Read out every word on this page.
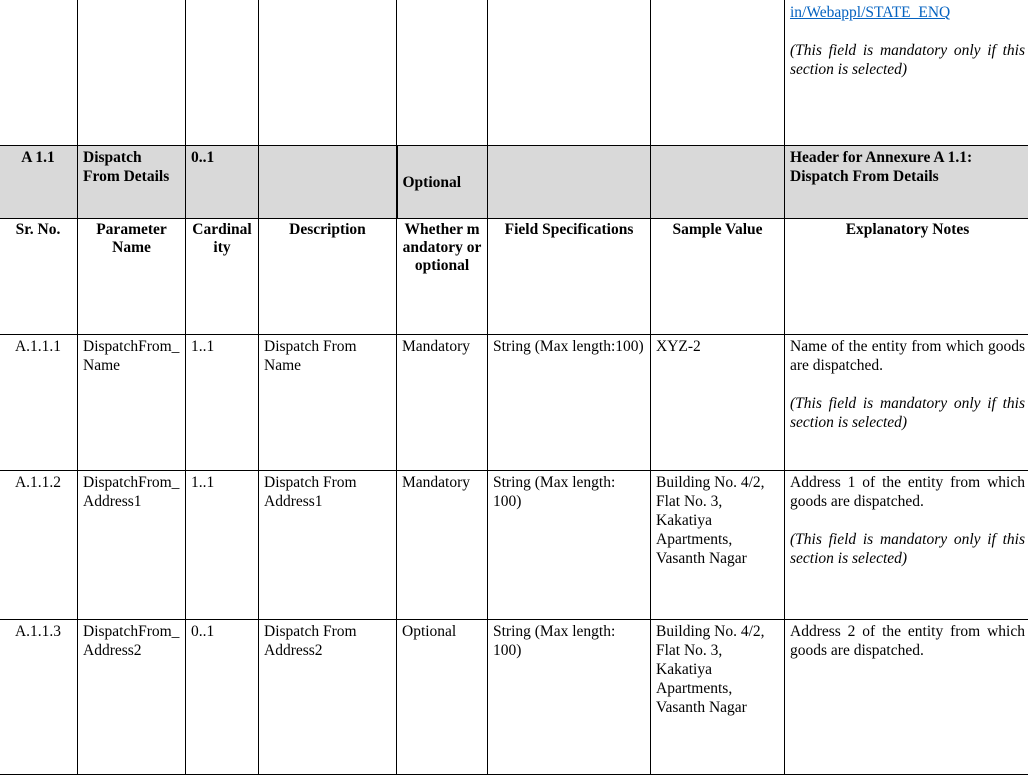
							in/Webappl/STATE_ENQ
(This field is mandatory only if this section is selected)

A 1.1	Dispatch From Details	0..1		Optional			Header for Annexure A 1.1: Dispatch From Details
Sr. No.	Parameter Name	Cardinality	Description	Whether mandatory or optional	Field Specifications	Sample Value	Explanatory Notes
A.1.1.1	DispatchFrom_Name	1..1	Dispatch From Name	Mandatory	String (Max length:100)	XYZ-2	Name of the entity from which goods are dispatched.
(This field is mandatory only if this section is selected)

A.1.1.2	DispatchFrom_Address1	1..1	Dispatch From Address1	Mandatory	String (Max length: 100)	Building No. 4/2, Flat No. 3, Kakatiya Apartments, Vasanth Nagar	Address 1 of the entity from which goods are dispatched.
(This field is mandatory only if this section is selected)

A.1.1.3	DispatchFrom_Address2	0..1	Dispatch From Address2	Optional	String (Max length: 100)	Building No. 4/2, Flat No. 3, Kakatiya Apartments, Vasanth Nagar	Address 2 of the entity from which goods are dispatched.
